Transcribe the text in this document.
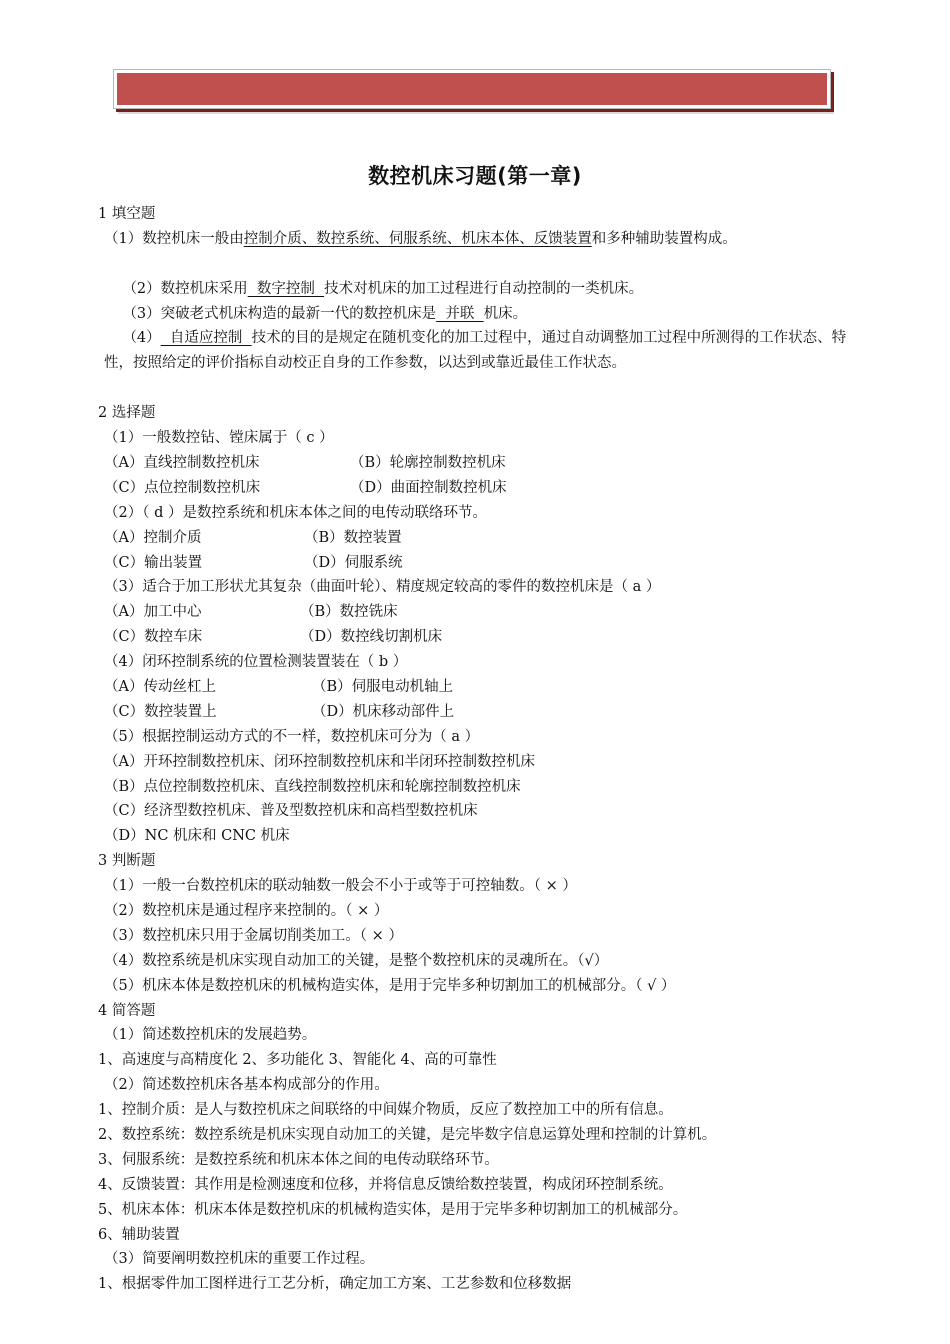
数控机床习题(第一章)
1 填空题
（1）数控机床一般由控制介质、数控系统、伺服系统、机床本体、反馈装置和多种辅助装置构成。

（2）数控机床采用  数字控制  技术对机床的加工过程进行自动控制的一类机床。

（3）突破老式机床构造的最新一代的数控机床是  并联  机床。

（4）  自适应控制  技术的目的是规定在随机变化的加工过程中，通过自动调整加工过程中所测得的工作状态、特性，按照给定的评价指标自动校正自身的工作参数，以达到或靠近最佳工作状态。

2 选择题
（1）一般数控钻、镗床属于（ c ）
（A）直线控制数控机床	（B）轮廓控制数控机床
（C）点位控制数控机床	（D）曲面控制数控机床
（2）（ d ）是数控系统和机床本体之间的电传动联络环节。
（A）控制介质	（B）数控装置
（C）输出装置	（D）伺服系统
（3）适合于加工形状尤其复杂（曲面叶轮）、精度规定较高的零件的数控机床是（ a ）
（A）加工中心	（B）数控铣床
（C）数控车床	（D）数控线切割机床
（4）闭环控制系统的位置检测装置装在（ b ）
（A）传动丝杠上	（B）伺服电动机轴上
（C）数控装置上	（D）机床移动部件上
（5）根据控制运动方式的不一样，数控机床可分为（ a ）
（A）开环控制数控机床、闭环控制数控机床和半闭环控制数控机床
（B）点位控制数控机床、直线控制数控机床和轮廓控制数控机床
（C）经济型数控机床、普及型数控机床和高档型数控机床
（D）NC 机床和 CNC 机床
3 判断题
（1）一般一台数控机床的联动轴数一般会不小于或等于可控轴数。（ × ）
（2）数控机床是通过程序来控制的。（ × ）
（3）数控机床只用于金属切削类加工。（ × ）
（4）数控系统是机床实现自动加工的关键，是整个数控机床的灵魂所在。（√）
（5）机床本体是数控机床的机械构造实体，是用于完毕多种切割加工的机械部分。（ √ ）
4 简答题
（1）简述数控机床的发展趋势。
1、高速度与高精度化 2、多功能化 3、智能化 4、高的可靠性
（2）简述数控机床各基本构成部分的作用。
1、控制介质：是人与数控机床之间联络的中间媒介物质，反应了数控加工中的所有信息。
2、数控系统：数控系统是机床实现自动加工的关键，是完毕数字信息运算处理和控制的计算机。
3、伺服系统：是数控系统和机床本体之间的电传动联络环节。
4、反馈装置：其作用是检测速度和位移，并将信息反馈给数控装置，构成闭环控制系统。
5、机床本体：机床本体是数控机床的机械构造实体，是用于完毕多种切割加工的机械部分。
6、辅助装置
（3）简要阐明数控机床的重要工作过程。
1、根据零件加工图样进行工艺分析，确定加工方案、工艺参数和位移数据
